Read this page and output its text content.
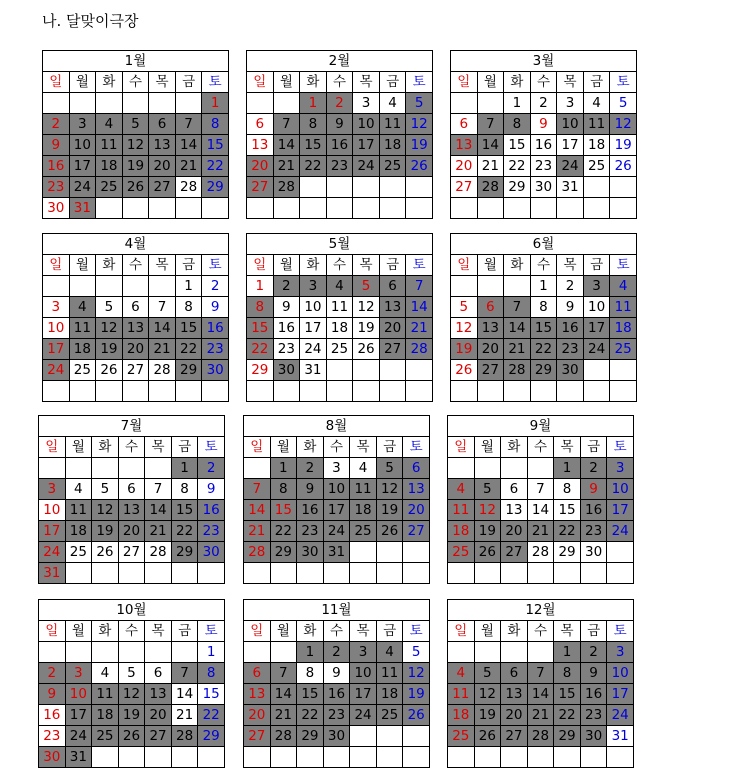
나. 달맞이극장
1월						
일	월	화	수	목	금	토
						1
2	3	4	5	6	7	8
9	10	11	12	13	14	15
16	17	18	19	20	21	22
23	24	25	26	27	28	29
30	31					
2월						
일	월	화	수	목	금	토
		1	2	3	4	5
6	7	8	9	10	11	12
13	14	15	16	17	18	19
20	21	22	23	24	25	26
27	28					

3월						
일	월	화	수	목	금	토
		1	2	3	4	5
6	7	8	9	10	11	12
13	14	15	16	17	18	19
20	21	22	23	24	25	26
27	28	29	30	31		

4월						
일	월	화	수	목	금	토
					1	2
3	4	5	6	7	8	9
10	11	12	13	14	15	16
17	18	19	20	21	22	23
24	25	26	27	28	29	30

5월						
일	월	화	수	목	금	토
1	2	3	4	5	6	7
8	9	10	11	12	13	14
15	16	17	18	19	20	21
22	23	24	25	26	27	28
29	30	31				

6월						
일	월	화	수	목	금	토
			1	2	3	4
5	6	7	8	9	10	11
12	13	14	15	16	17	18
19	20	21	22	23	24	25
26	27	28	29	30		

7월						
일	월	화	수	목	금	토
					1	2
3	4	5	6	7	8	9
10	11	12	13	14	15	16
17	18	19	20	21	22	23
24	25	26	27	28	29	30
31						
8월						
일	월	화	수	목	금	토
	1	2	3	4	5	6
7	8	9	10	11	12	13
14	15	16	17	18	19	20
21	22	23	24	25	26	27
28	29	30	31			

9월						
일	월	화	수	목	금	토
				1	2	3
4	5	6	7	8	9	10
11	12	13	14	15	16	17
18	19	20	21	22	23	24
25	26	27	28	29	30	

10월						
일	월	화	수	목	금	토
						1
2	3	4	5	6	7	8
9	10	11	12	13	14	15
16	17	18	19	20	21	22
23	24	25	26	27	28	29
30	31					
11월						
일	월	화	수	목	금	토
		1	2	3	4	5
6	7	8	9	10	11	12
13	14	15	16	17	18	19
20	21	22	23	24	25	26
27	28	29	30			

12월						
일	월	화	수	목	금	토
				1	2	3
4	5	6	7	8	9	10
11	12	13	14	15	16	17
18	19	20	21	22	23	24
25	26	27	28	29	30	31
